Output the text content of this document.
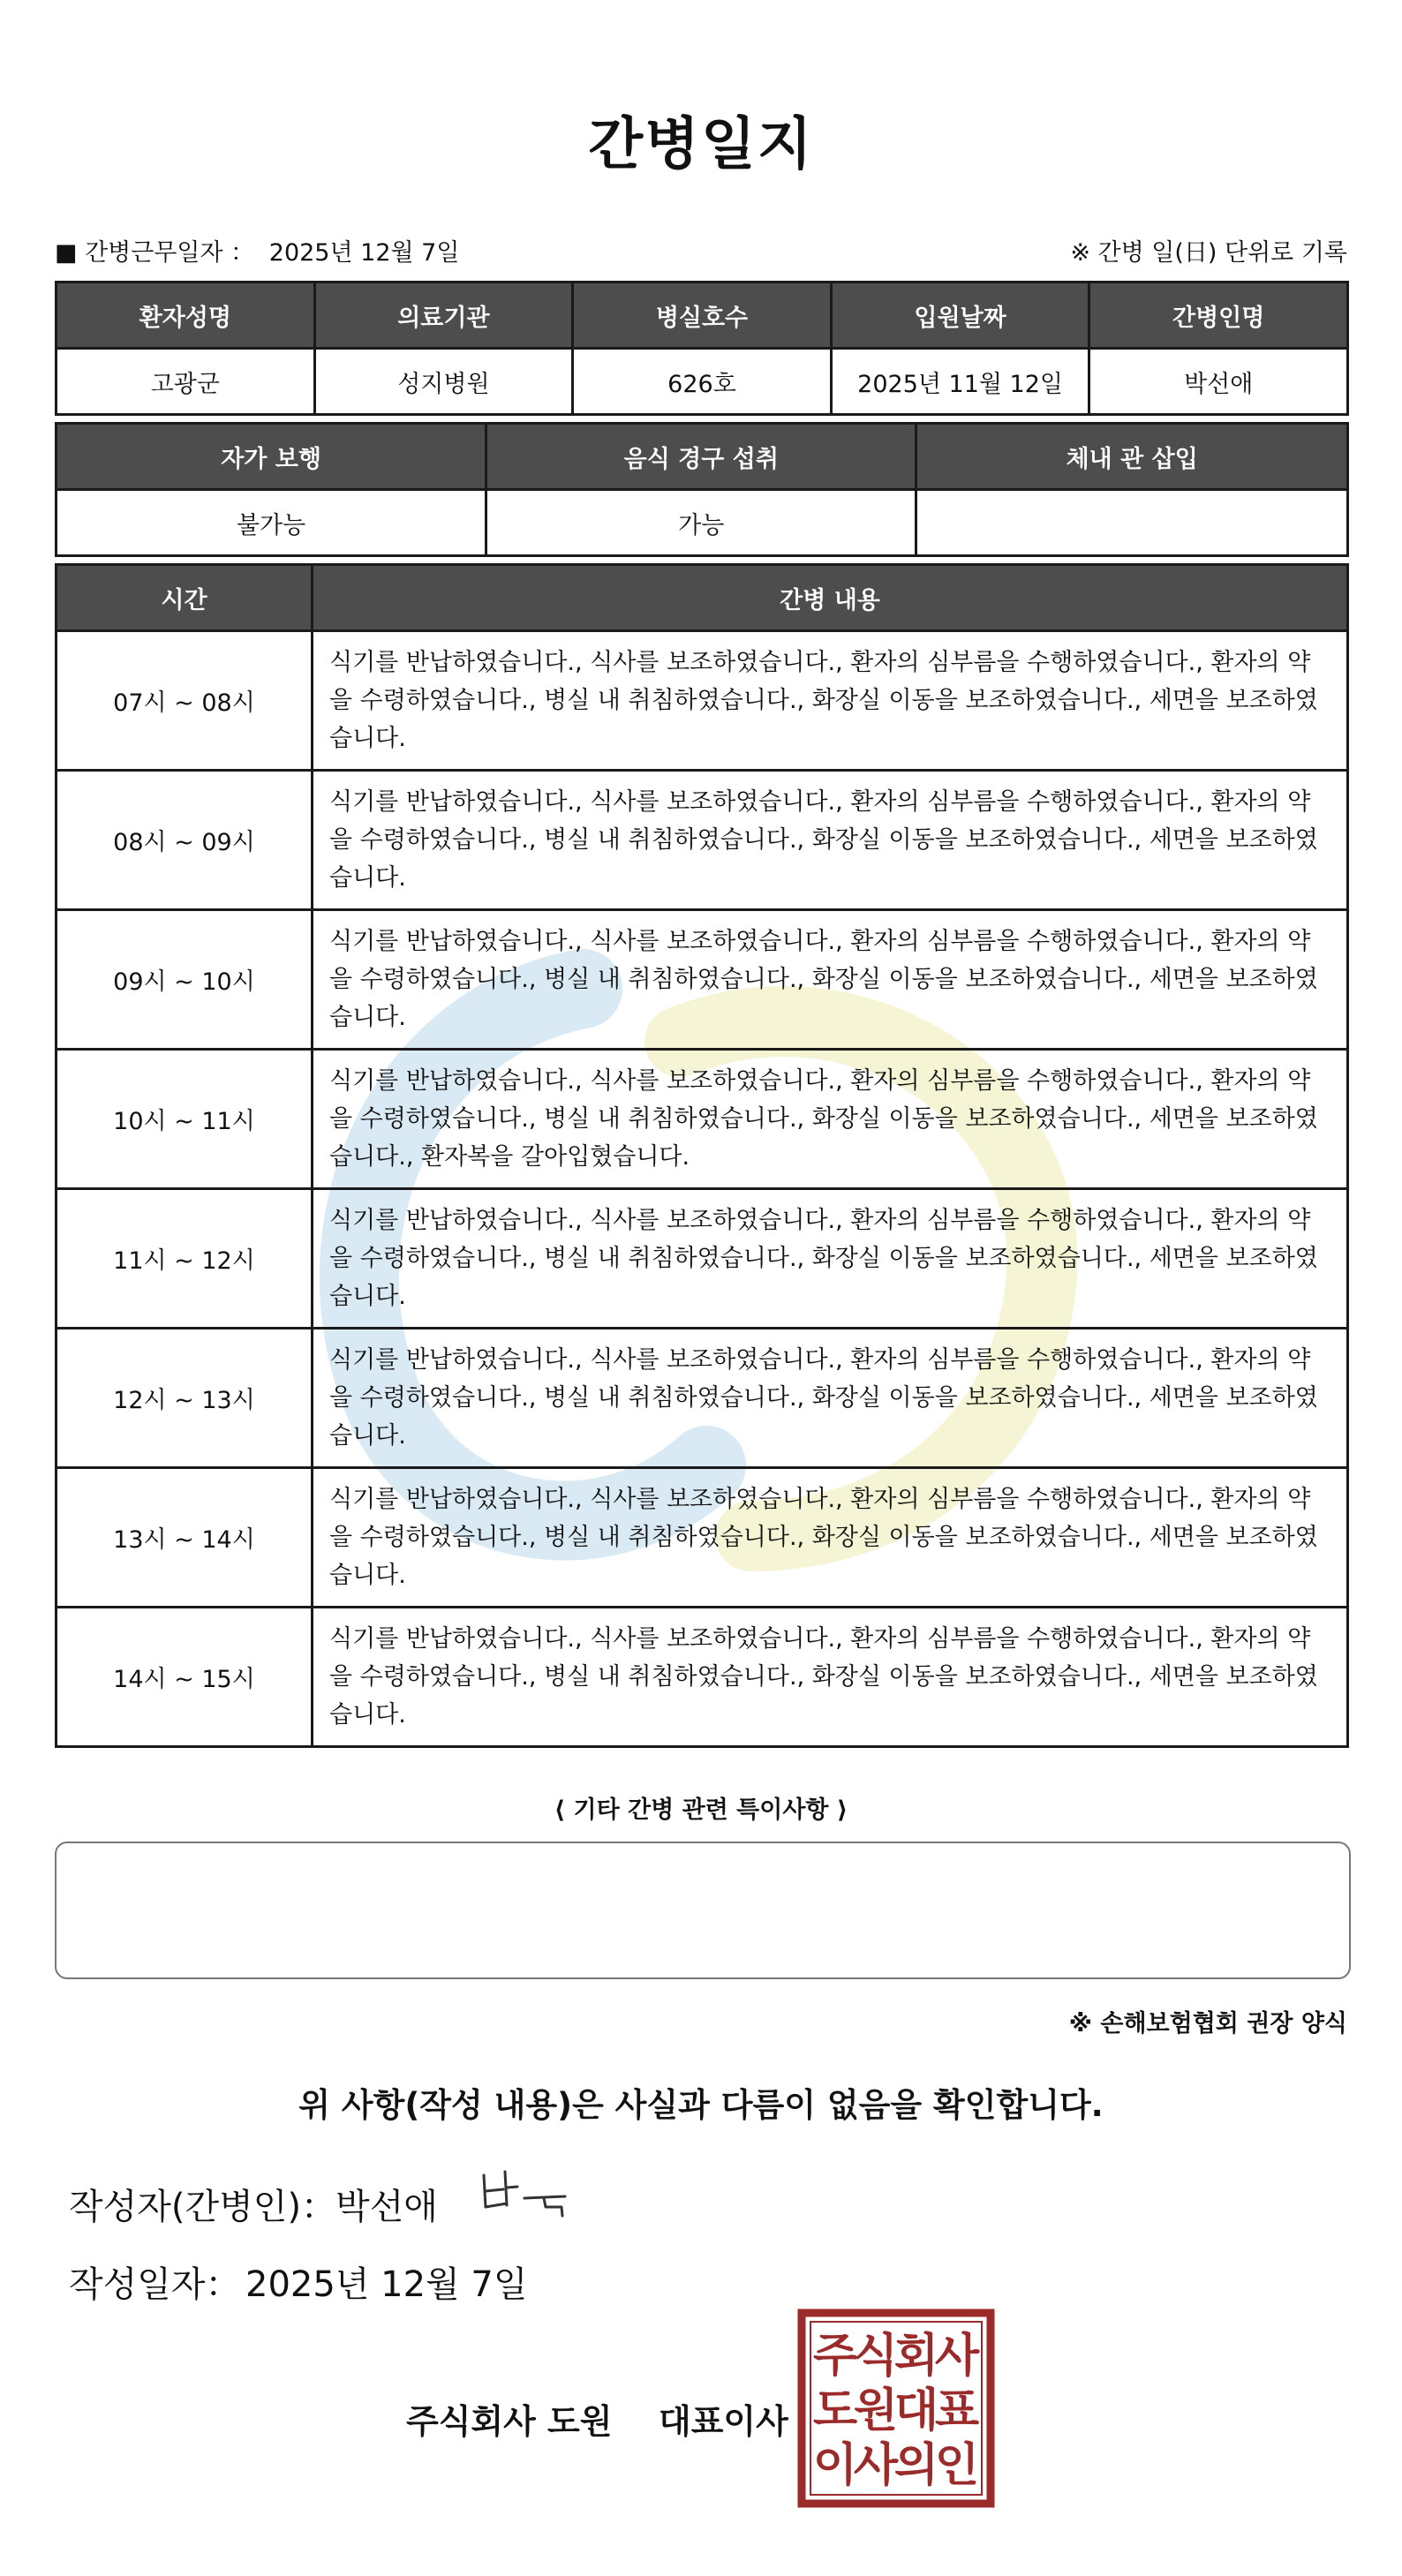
간병일지
■ 간병근무일자 ： 2025년 12월 7일	※ 간병 일(日) 단위로 기록
환자성명	의료기관	병실호수	입원날짜	간병인명
고광군	성지병원	626호	2025년 11월 12일	박선애
자가 보행	음식 경구 섭취	체내 관 삽입
불가능	가능	
시간	간병 내용
07시 ~ 08시	식기를 반납하였습니다., 식사를 보조하였습니다., 환자의 심부름을 수행하였습니다., 환자의 약을 수령하였습니다., 병실 내 취침하였습니다., 화장실 이동을 보조하였습니다., 세면을 보조하였습니다.
08시 ~ 09시	식기를 반납하였습니다., 식사를 보조하였습니다., 환자의 심부름을 수행하였습니다., 환자의 약을 수령하였습니다., 병실 내 취침하였습니다., 화장실 이동을 보조하였습니다., 세면을 보조하였습니다.
09시 ~ 10시	식기를 반납하였습니다., 식사를 보조하였습니다., 환자의 심부름을 수행하였습니다., 환자의 약을 수령하였습니다., 병실 내 취침하였습니다., 화장실 이동을 보조하였습니다., 세면을 보조하였습니다.
10시 ~ 11시	식기를 반납하였습니다., 식사를 보조하였습니다., 환자의 심부름을 수행하였습니다., 환자의 약을 수령하였습니다., 병실 내 취침하였습니다., 화장실 이동을 보조하였습니다., 세면을 보조하였습니다., 환자복을 갈아입혔습니다.
11시 ~ 12시	식기를 반납하였습니다., 식사를 보조하였습니다., 환자의 심부름을 수행하였습니다., 환자의 약을 수령하였습니다., 병실 내 취침하였습니다., 화장실 이동을 보조하였습니다., 세면을 보조하였습니다.
12시 ~ 13시	식기를 반납하였습니다., 식사를 보조하였습니다., 환자의 심부름을 수행하였습니다., 환자의 약을 수령하였습니다., 병실 내 취침하였습니다., 화장실 이동을 보조하였습니다., 세면을 보조하였습니다.
13시 ~ 14시	식기를 반납하였습니다., 식사를 보조하였습니다., 환자의 심부름을 수행하였습니다., 환자의 약을 수령하였습니다., 병실 내 취침하였습니다., 화장실 이동을 보조하였습니다., 세면을 보조하였습니다.
14시 ~ 15시	식기를 반납하였습니다., 식사를 보조하였습니다., 환자의 심부름을 수행하였습니다., 환자의 약을 수령하였습니다., 병실 내 취침하였습니다., 화장실 이동을 보조하였습니다., 세면을 보조하였습니다.
⟨ 기타 간병 관련 특이사항 ⟩
※ 손해보험협회 권장 양식
위 사항(작성 내용)은 사실과 다름이 없음을 확인합니다.
작성자(간병인)：
박선애
작성일자： 2025년 12월 7일
주식회사 도원 대표이사
주
식
회
사
도
원
대
표
이
사
의
인
